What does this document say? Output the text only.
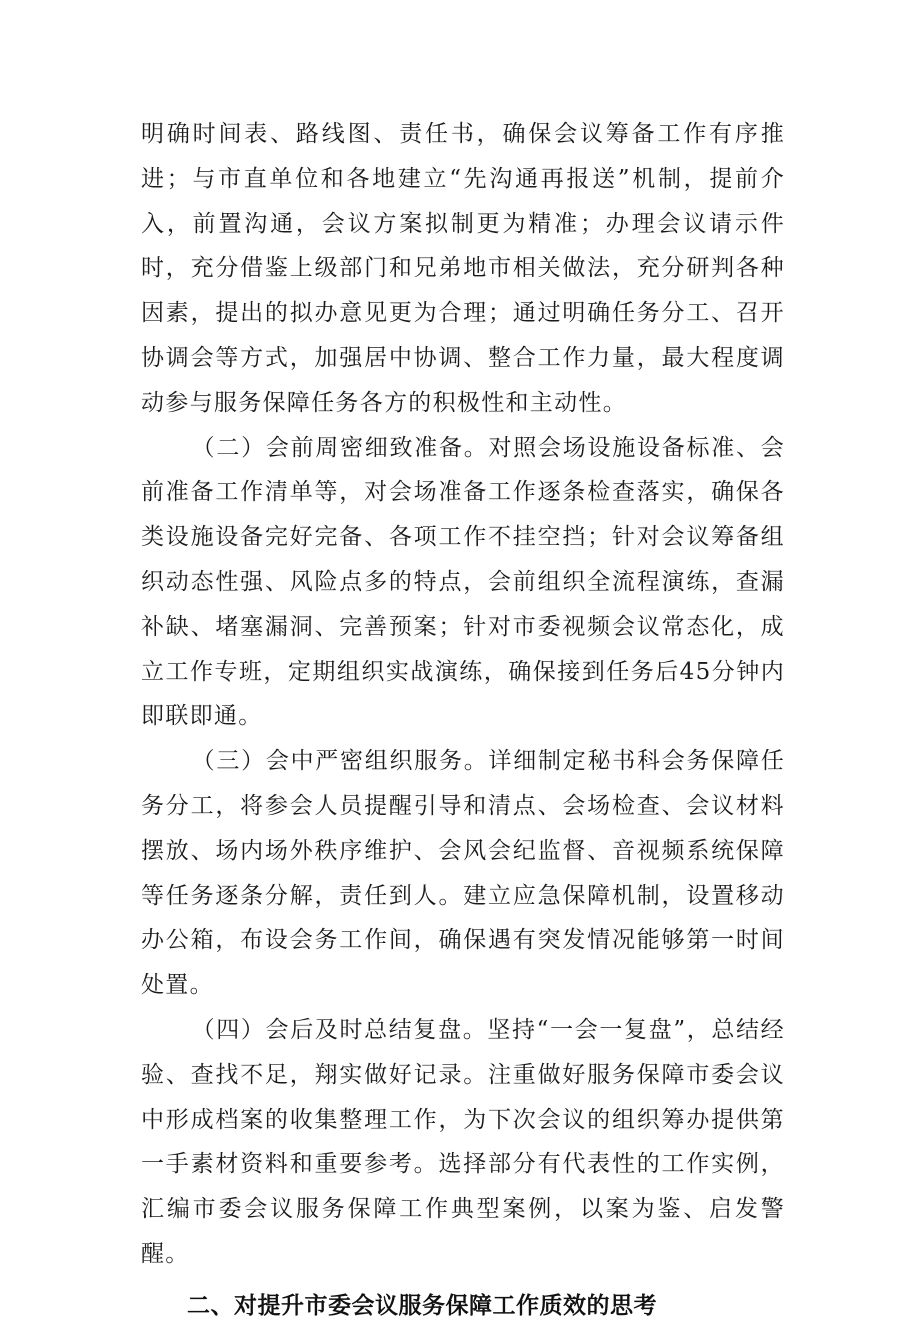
明确时间表、路线图、责任书，确保会议筹备工作有序推进；与市直单位和各地建立“先沟通再报送”机制，提前介入，前置沟通，会议方案拟制更为精准；办理会议请示件时，充分借鉴上级部门和兄弟地市相关做法，充分研判各种因素，提出的拟办意见更为合理；通过明确任务分工、召开协调会等方式，加强居中协调、整合工作力量，最大程度调动参与服务保障任务各方的积极性和主动性。

（二）会前周密细致准备。对照会场设施设备标准、会前准备工作清单等，对会场准备工作逐条检查落实，确保各类设施设备完好完备、各项工作不挂空挡；针对会议筹备组织动态性强、风险点多的特点，会前组织全流程演练，查漏补缺、堵塞漏洞、完善预案；针对市委视频会议常态化，成立工作专班，定期组织实战演练，确保接到任务后45分钟内即联即通。

（三）会中严密组织服务。详细制定秘书科会务保障任务分工，将参会人员提醒引导和清点、会场检查、会议材料摆放、场内场外秩序维护、会风会纪监督、音视频系统保障等任务逐条分解，责任到人。建立应急保障机制，设置移动办公箱，布设会务工作间，确保遇有突发情况能够第一时间处置。

（四）会后及时总结复盘。坚持“一会一复盘”，总结经验、查找不足，翔实做好记录。注重做好服务保障市委会议中形成档案的收集整理工作，为下次会议的组织筹办提供第一手素材资料和重要参考。选择部分有代表性的工作实例，汇编市委会议服务保障工作典型案例，以案为鉴、启发警醒。

二、对提升市委会议服务保障工作质效的思考
